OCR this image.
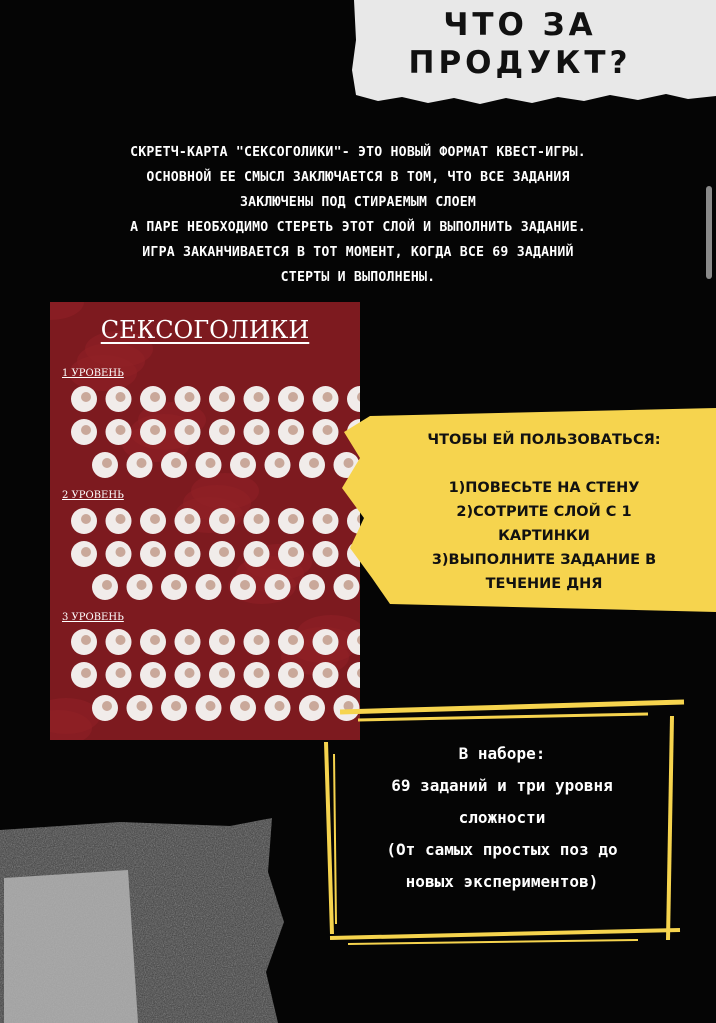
ЧТО ЗА
ПРОДУКТ?
СКРЕТЧ-КАРТА "СЕКСОГОЛИКИ"- ЭТО НОВЫЙ ФОРМАТ КВЕСТ-ИГРЫ.
ОСНОВНОЙ ЕЕ СМЫСЛ ЗАКЛЮЧАЕТСЯ В ТОМ, ЧТО ВСЕ ЗАДАНИЯ
ЗАКЛЮЧЕНЫ ПОД СТИРАЕМЫМ СЛОЕМ
А ПАРЕ НЕОБХОДИМО СТЕРЕТЬ ЭТОТ СЛОЙ И ВЫПОЛНИТЬ ЗАДАНИЕ.
ИГРА ЗАКАНЧИВАЕТСЯ В ТОТ МОМЕНТ, КОГДА ВСЕ 69 ЗАДАНИЙ
СТЕРТЫ И ВЫПОЛНЕНЫ.
СЕКСОГОЛИКИ
1 УРОВЕНЬ
2 УРОВЕНЬ
3 УРОВЕНЬ
ЧТОБЫ ЕЙ ПОЛЬЗОВАТЬСЯ:
1)ПОВЕСЬТЕ НА СТЕНУ
2)СОТРИТЕ СЛОЙ С 1
КАРТИНКИ
3)ВЫПОЛНИТЕ ЗАДАНИЕ В
ТЕЧЕНИЕ ДНЯ
В наборе:
69 заданий и три уровня
сложности
(От самых простых поз до
новых экспериментов)
